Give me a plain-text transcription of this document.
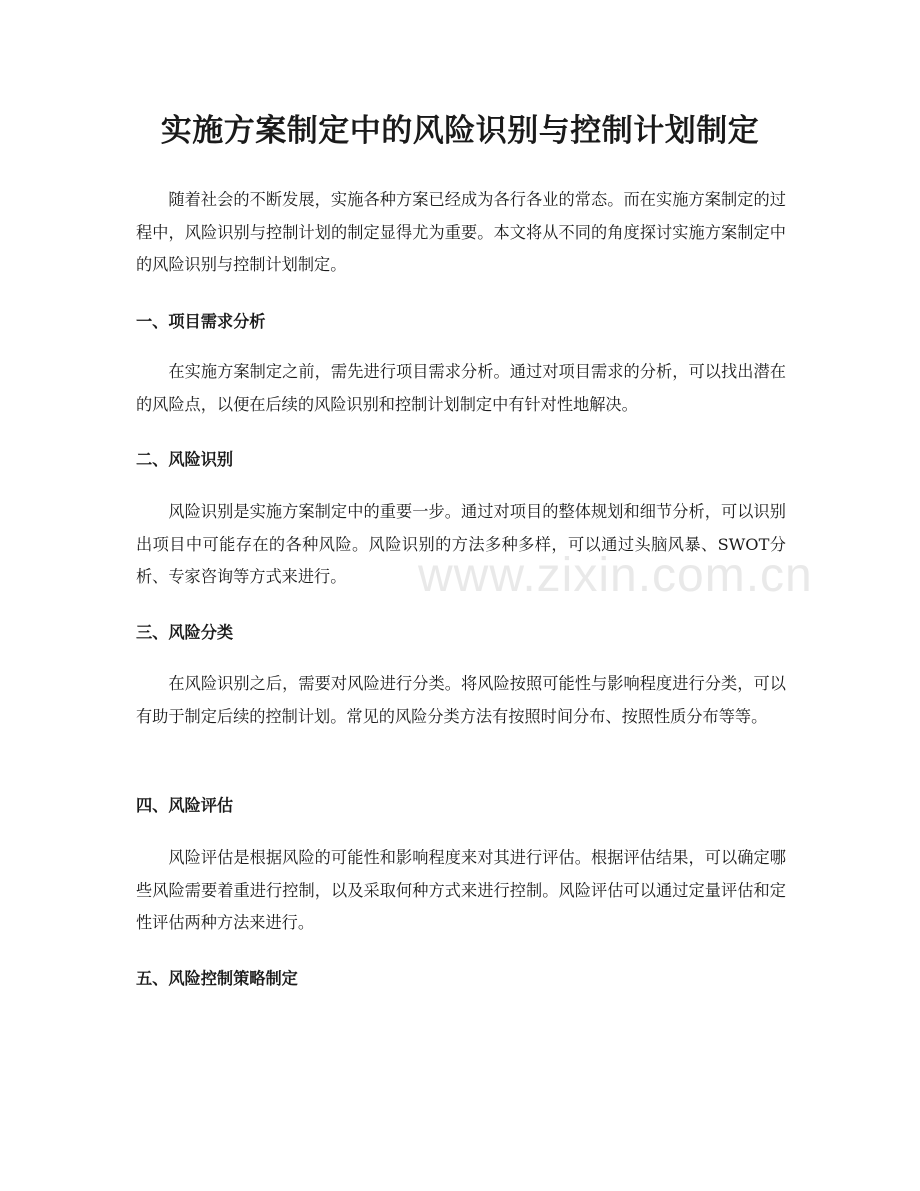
实施方案制定中的风险识别与控制计划制定

随着社会的不断发展，实施各种方案已经成为各行各业的常态。而在实施方案制定的过程中，风险识别与控制计划的制定显得尤为重要。本文将从不同的角度探讨实施方案制定中的风险识别与控制计划制定。

一、项目需求分析

在实施方案制定之前，需先进行项目需求分析。通过对项目需求的分析，可以找出潜在的风险点，以便在后续的风险识别和控制计划制定中有针对性地解决。

二、风险识别

风险识别是实施方案制定中的重要一步。通过对项目的整体规划和细节分析，可以识别出项目中可能存在的各种风险。风险识别的方法多种多样，可以通过头脑风暴、SWOT分析、专家咨询等方式来进行。

三、风险分类

在风险识别之后，需要对风险进行分类。将风险按照可能性与影响程度进行分类，可以有助于制定后续的控制计划。常见的风险分类方法有按照时间分布、按照性质分布等等。

四、风险评估

风险评估是根据风险的可能性和影响程度来对其进行评估。根据评估结果，可以确定哪些风险需要着重进行控制，以及采取何种方式来进行控制。风险评估可以通过定量评估和定性评估两种方法来进行。

五、风险控制策略制定
www.zixin.com.cn
